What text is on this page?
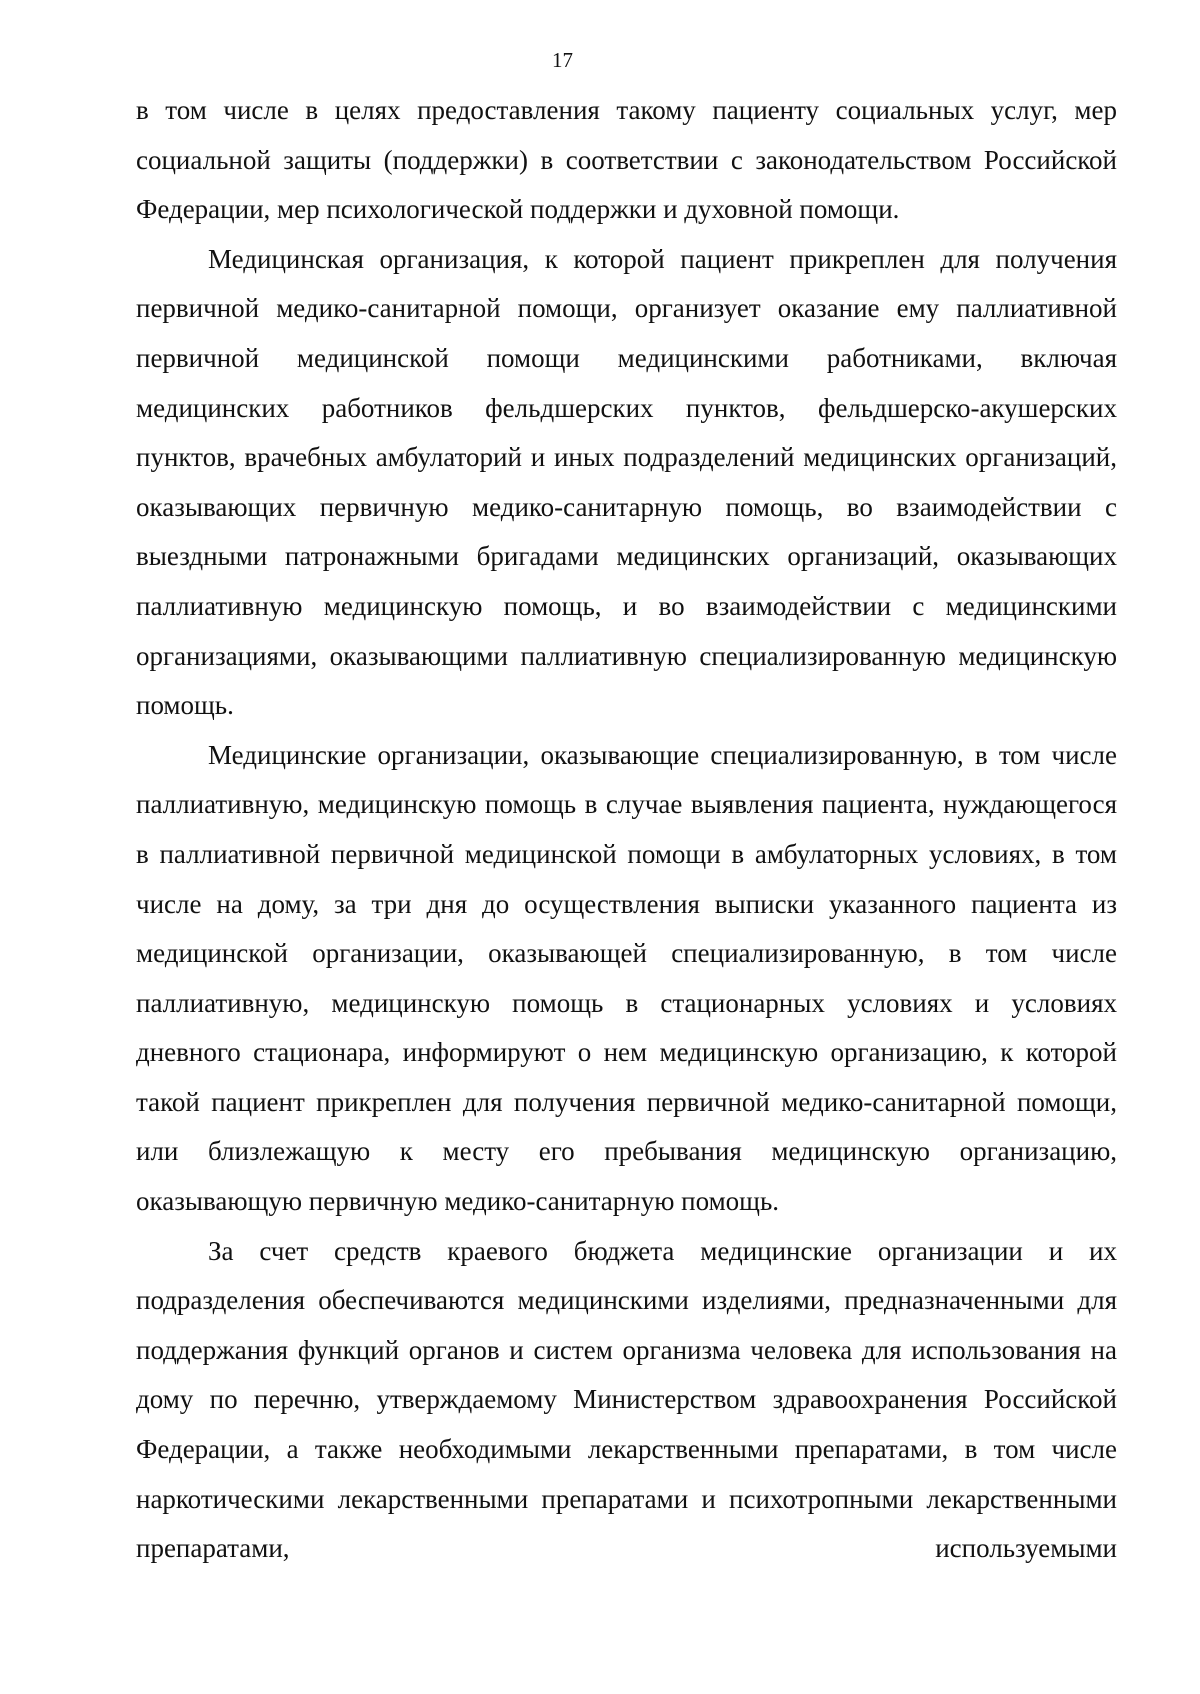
17

в том числе в целях предоставления такому пациенту социальных услуг, мер социальной защиты (поддержки) в соответствии с законодательством Российской Федерации, мер психологической поддержки и духовной помощи.

Медицинская организация, к которой пациент прикреплен для получения первичной медико-санитарной помощи, организует оказание ему паллиативной первичной медицинской помощи медицинскими работниками, включая медицинских работников фельдшерских пунктов, фельдшерско-акушерских пунктов, врачебных амбулаторий и иных подразделений медицинских организаций, оказывающих первичную медико-санитарную помощь, во взаимодействии с выездными патронажными бригадами медицинских организаций, оказывающих паллиативную медицинскую помощь, и во взаимодействии с медицинскими организациями, оказывающими паллиативную специализированную медицинскую помощь.

Медицинские организации, оказывающие специализированную, в том числе паллиативную, медицинскую помощь в случае выявления пациента, нуждающегося в паллиативной первичной медицинской помощи в амбулаторных условиях, в том числе на дому, за три дня до осуществления выписки указанного пациента из медицинской организации, оказывающей специализированную, в том числе паллиативную, медицинскую помощь в стационарных условиях и условиях дневного стационара, информируют о нем медицинскую организацию, к которой такой пациент прикреплен для получения первичной медико-санитарной помощи, или близлежащую к месту его пребывания медицинскую организацию, оказывающую первичную медико-санитарную помощь.

За счет средств краевого бюджета медицинские организации и их подразделения обеспечиваются медицинскими изделиями, предназначенными для поддержания функций органов и систем организма человека для использования на дому по перечню, утверждаемому Министерством здравоохранения Российской Федерации, а также необходимыми лекарственными препаратами, в том числе наркотическими лекарственными препаратами и психотропными лекарственными препаратами, используемыми
